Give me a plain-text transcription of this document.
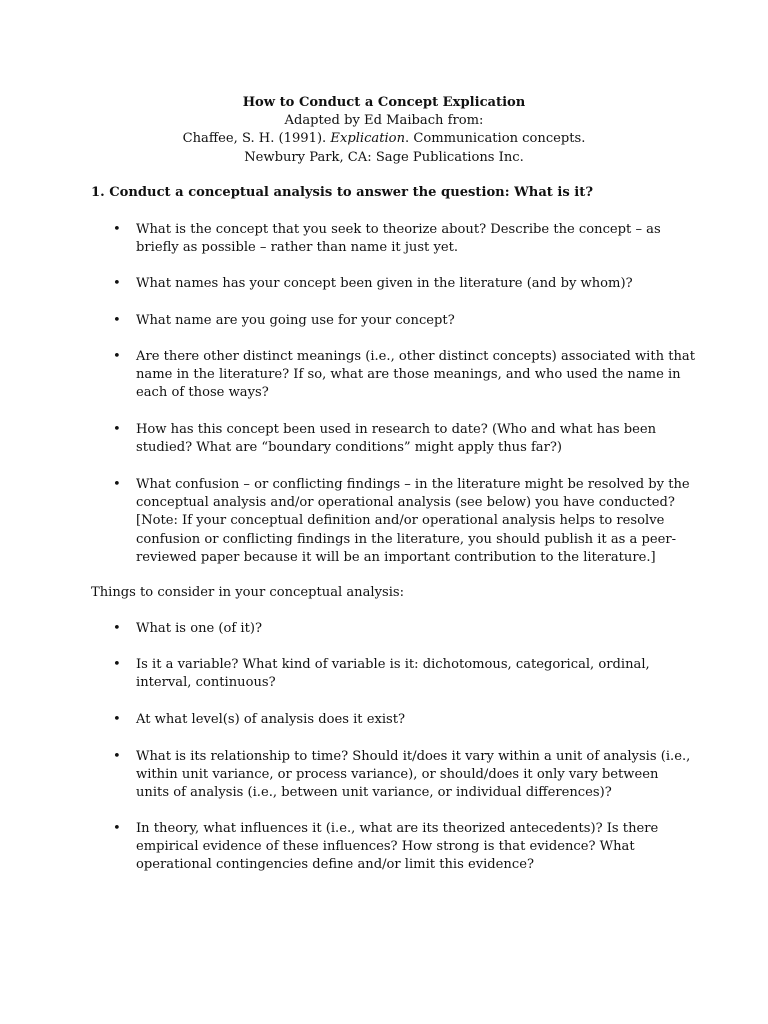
How to Conduct a Concept Explication
Adapted by Ed Maibach from:
Chaffee, S. H. (1991). Explication. Communication concepts.
Newbury Park, CA: Sage Publications Inc.
1. Conduct a conceptual analysis to answer the question: What is it?
•	What is the concept that you seek to theorize about? Describe the concept – as
briefly as possible – rather than name it just yet.
•	What names has your concept been given in the literature (and by whom)?
•	What name are you going use for your concept?
•	Are there other distinct meanings (i.e., other distinct concepts) associated with that
name in the literature? If so, what are those meanings, and who used the name in
each of those ways?
•	How has this concept been used in research to date? (Who and what has been
studied? What are “boundary conditions” might apply thus far?)
•	What confusion – or conflicting findings – in the literature might be resolved by the
conceptual analysis and/or operational analysis (see below) you have conducted?
[Note: If your conceptual definition and/or operational analysis helps to resolve
confusion or conflicting findings in the literature, you should publish it as a peer-
reviewed paper because it will be an important contribution to the literature.]
Things to consider in your conceptual analysis:
•	What is one (of it)?
•	Is it a variable? What kind of variable is it: dichotomous, categorical, ordinal,
interval, continuous?
•	At what level(s) of analysis does it exist?
•	What is its relationship to time? Should it/does it vary within a unit of analysis (i.e.,
within unit variance, or process variance), or should/does it only vary between
units of analysis (i.e., between unit variance, or individual differences)?
•	In theory, what influences it (i.e., what are its theorized antecedents)? Is there
empirical evidence of these influences? How strong is that evidence? What
operational contingencies define and/or limit this evidence?
